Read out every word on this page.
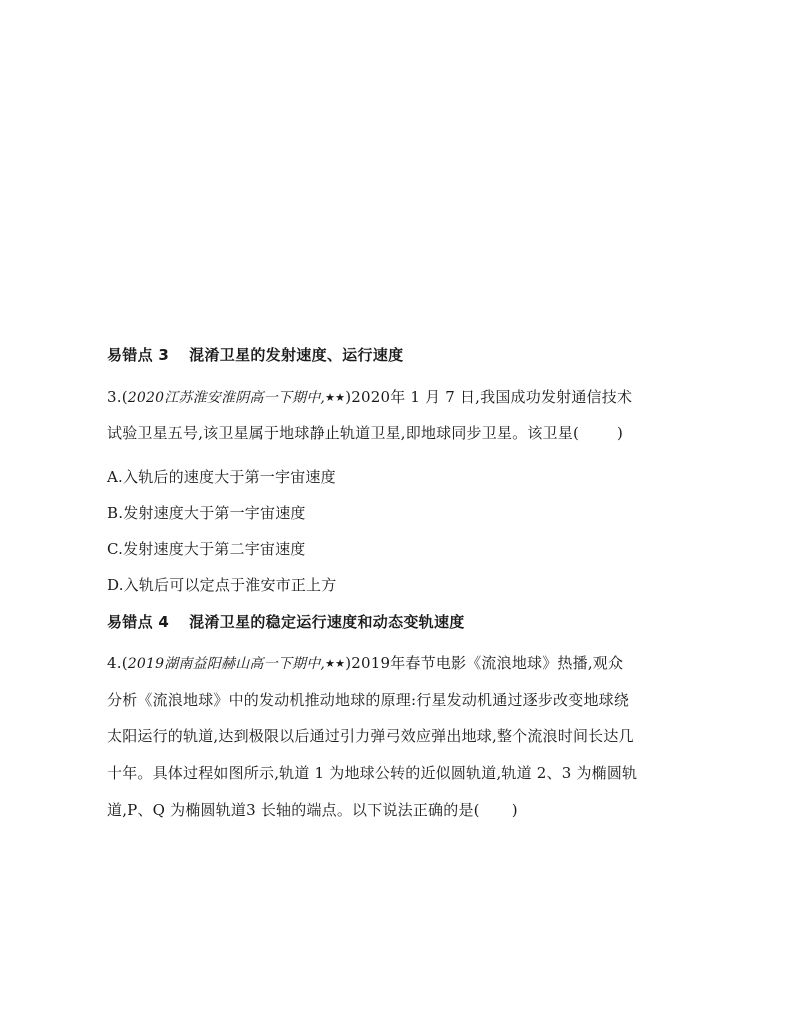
易错点 3 混淆卫星的发射速度、运行速度
3.(2020江苏淮安淮阴高一下期中,★★)2020年 1 月 7 日,我国成功发射通信技术
试验卫星五号,该卫星属于地球静止轨道卫星,即地球同步卫星。该卫星(	)
A.入轨后的速度大于第一宇宙速度
B.发射速度大于第一宇宙速度
C.发射速度大于第二宇宙速度
D.入轨后可以定点于淮安市正上方
易错点 4 混淆卫星的稳定运行速度和动态变轨速度
4.(2019湖南益阳赫山高一下期中,★★)2019年春节电影《流浪地球》热播,观众
分析《流浪地球》中的发动机推动地球的原理:行星发动机通过逐步改变地球绕
太阳运行的轨道,达到极限以后通过引力弹弓效应弹出地球,整个流浪时间长达几
十年。具体过程如图所示,轨道 1 为地球公转的近似圆轨道,轨道 2、3 为椭圆轨
道,P、Q 为椭圆轨道3 长轴的端点。以下说法正确的是( )
